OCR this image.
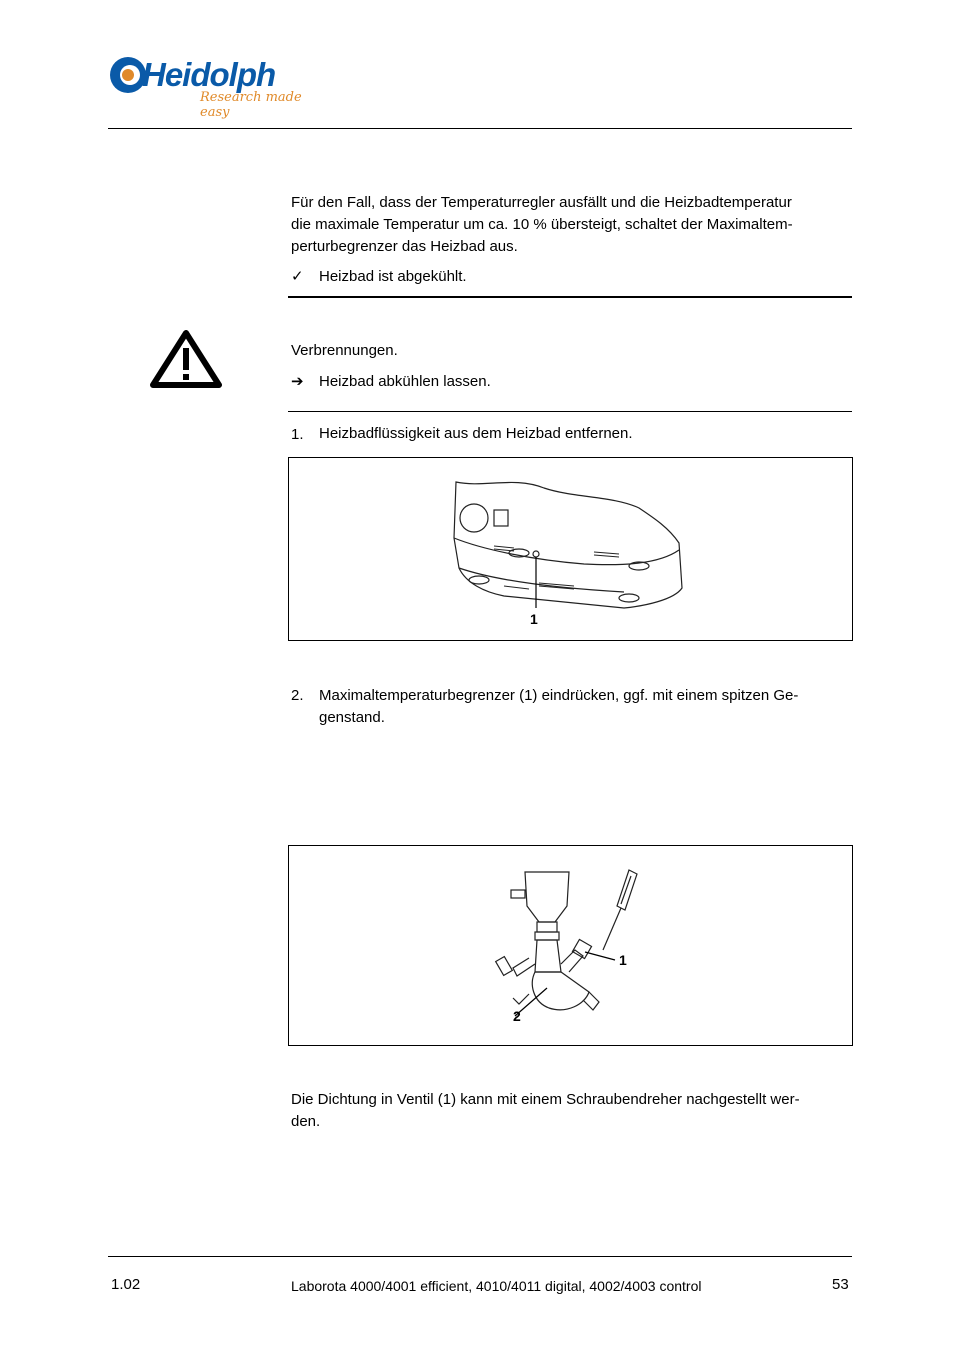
Heidolph
Research made easy
Für den Fall, dass der Temperaturregler ausfällt und die Heizbadtemperatur
die maximale Temperatur um ca. 10 % übersteigt, schaltet der Maximaltem-
perturbegrenzer das Heizbad aus.
✓ Heizbad ist abgekühlt.
Verbrennungen.
➔ Heizbad abkühlen lassen.
1. Heizbadflüssigkeit aus dem Heizbad entfernen.
1
2. Maximaltemperaturbegrenzer (1) eindrücken, ggf. mit einem spitzen Ge-
genstand.
1
2
Die Dichtung in Ventil (1) kann mit einem Schraubendreher nachgestellt wer-
den.
1.02	Laborota 4000/4001 efficient, 4010/4011 digital, 4002/4003 control	53
